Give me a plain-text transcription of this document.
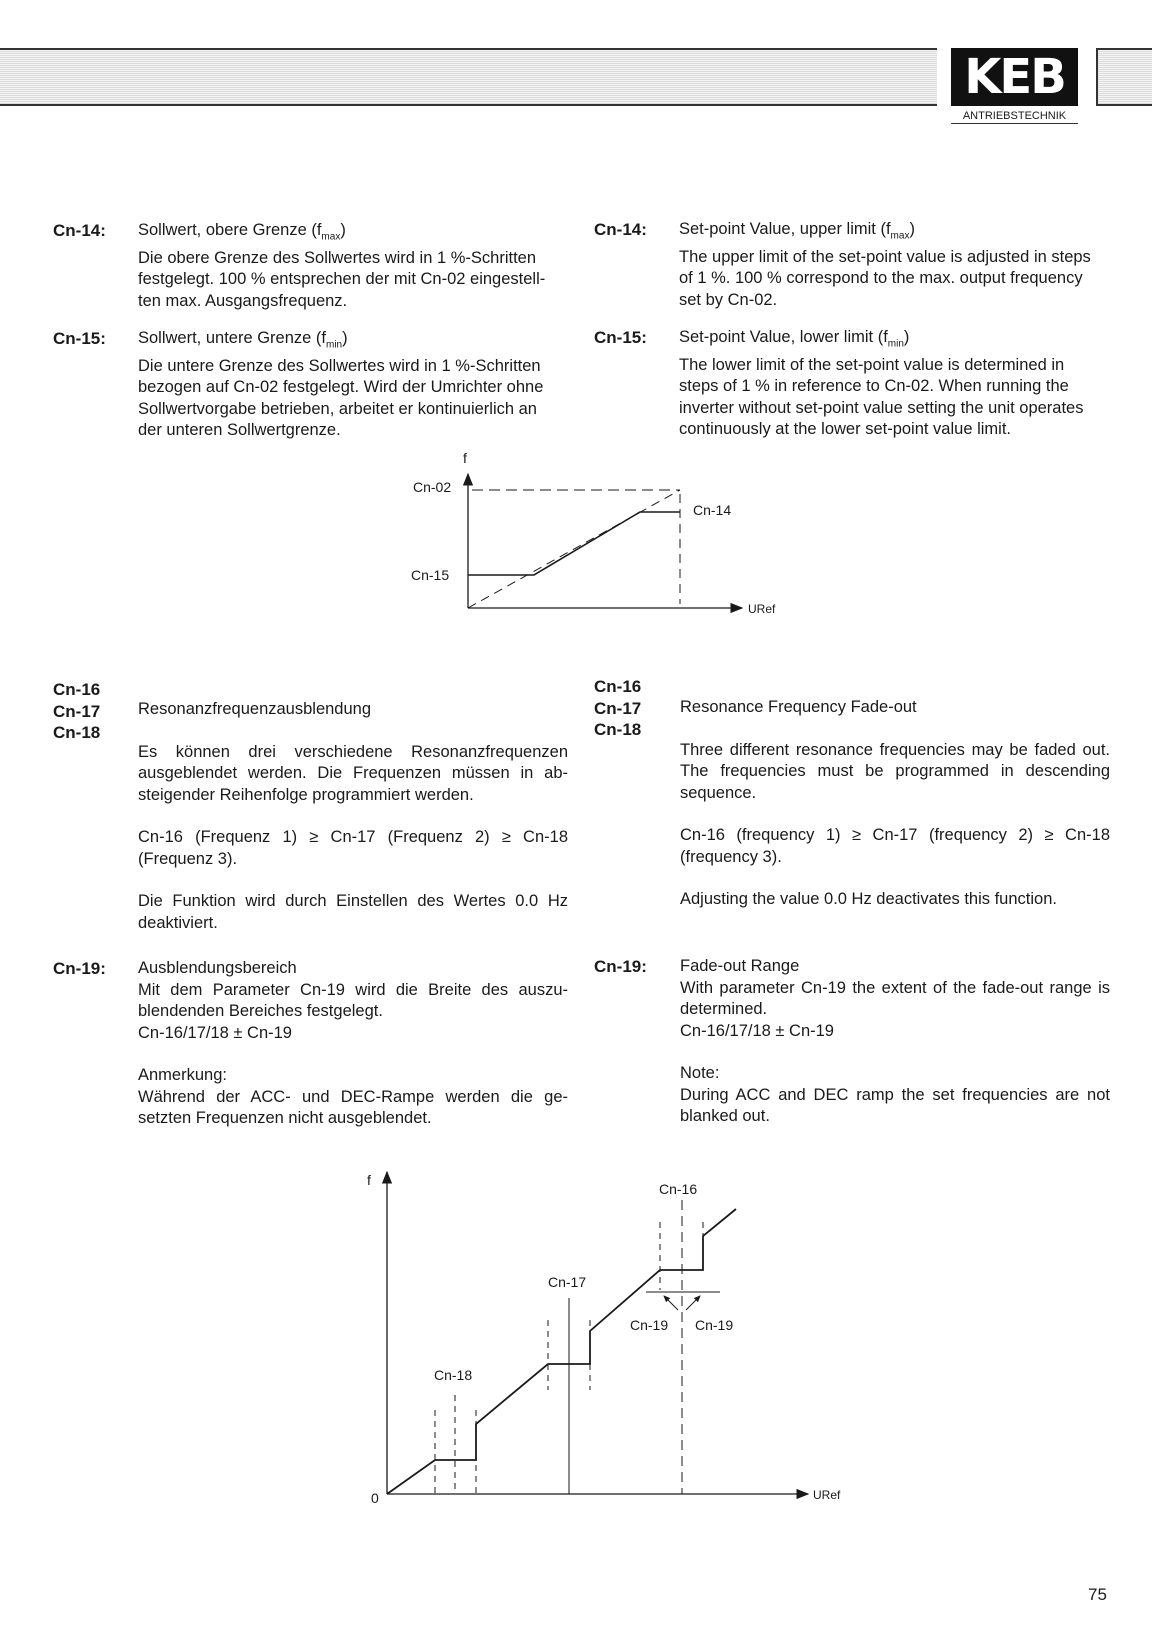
KEB
ANTRIEBSTECHNIK
Cn-14: Sollwert, obere Grenze $(f_{max})$

Die obere Grenze des Sollwertes wird in 1 %-Schritten

festgelegt. 100 % entsprechen der mit Cn-02 eingestell-

ten max. Ausgangsfrequenz.

Cn-14: Set-point Value, upper limit $(f_{max})$

The upper limit of the set-point value is adjusted in steps

of 1 %. 100 % correspond to the max. output frequency

set by Cn-02.

Cn-15: Sollwert, untere Grenze $(f_{min})$

Die untere Grenze des Sollwertes wird in 1 %-Schritten

bezogen auf Cn-02 festgelegt. Wird der Umrichter ohne

Sollwertvorgabe betrieben, arbeitet er kontinuierlich an

der unteren Sollwertgrenze.

Cn-15: Set-point Value, lower limit $(f_{min})$

The lower limit of the set-point value is determined in

steps of 1 % in reference to Cn-02. When running the

inverter without set-point value setting the unit operates

continuously at the lower set-point value limit.

f
Cn-02
Cn-15
Cn-14
URef
Cn-16
Cn-17
Cn-18

Resonanzfrequenzausblendung

Es können drei verschiedene Resonanzfrequenzen ausgeblendet werden. Die Frequenzen müssen in ab-steigender Reihenfolge programmiert werden.

Cn-16 (Frequenz 1) ≥ Cn-17 (Frequenz 2) ≥ Cn-18 (Frequenz 3).

Die Funktion wird durch Einstellen des Wertes 0.0 Hz deaktiviert.

Cn-16
Cn-17
Cn-18

Resonance Frequency Fade-out

Three different resonance frequencies may be faded out. The frequencies must be programmed in descending sequence.

Cn-16 (frequency 1) ≥ Cn-17 (frequency 2) ≥ Cn-18 (frequency 3).

Adjusting the value 0.0 Hz deactivates this function.

Cn-19: Ausblendungsbereich

Mit dem Parameter Cn-19 wird die Breite des auszu-blendenden Bereiches festgelegt.

Cn-16/17/18 ± Cn-19

Anmerkung:

Während der ACC- und DEC-Rampe werden die ge-setzten Frequenzen nicht ausgeblendet.

Cn-19: Fade-out Range

With parameter Cn-19 the extent of the fade-out range is determined.

Cn-16/17/18 ± Cn-19

Note:

During ACC and DEC ramp the set frequencies are not blanked out.

f
0
Cn-16
Cn-17
Cn-18
Cn-19 Cn-19
URef
75
